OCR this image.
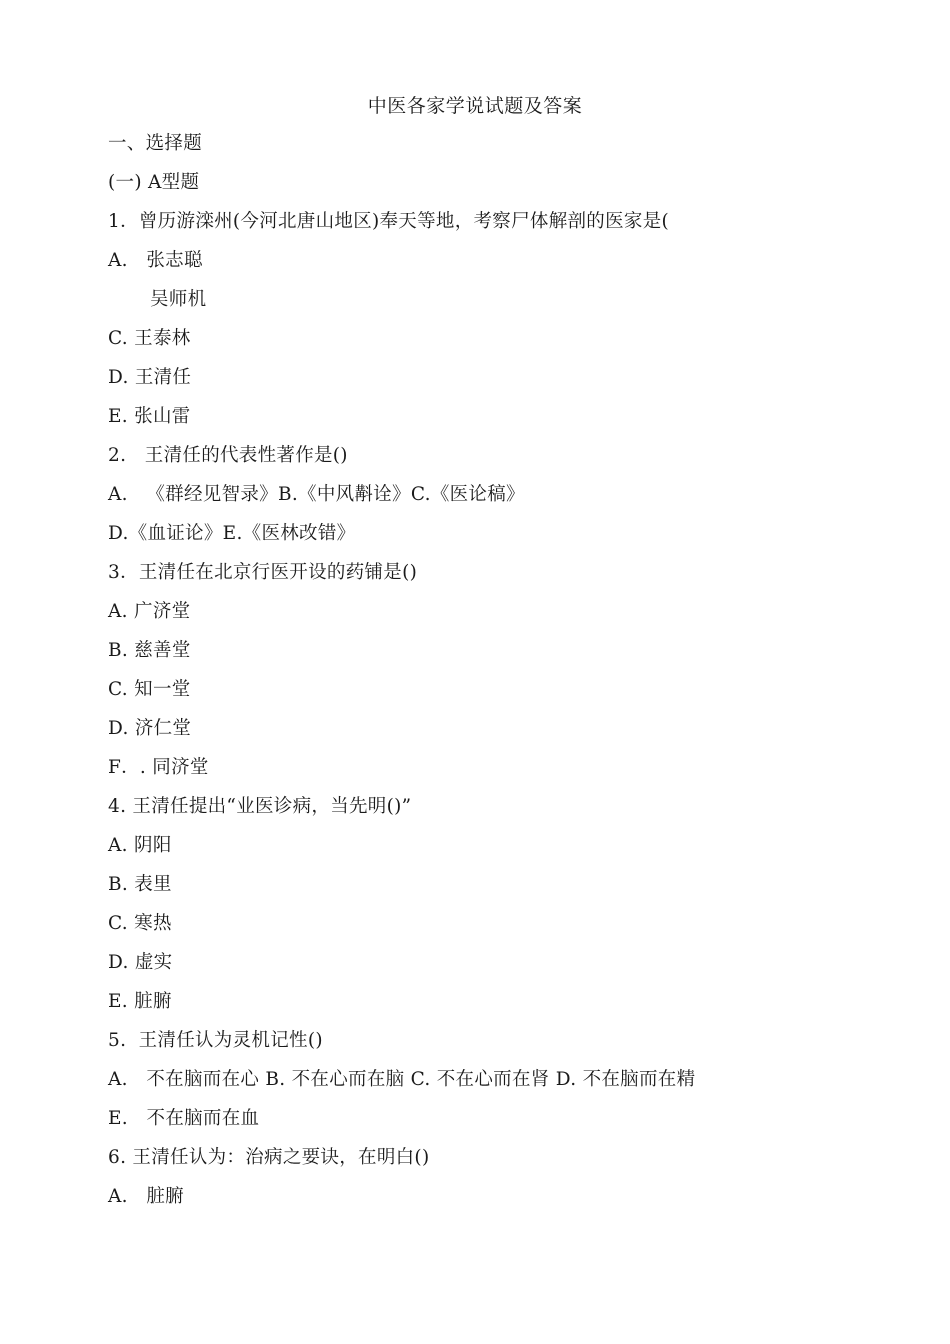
中医各家学说试题及答案
一、选择题
(一) A型题
1．曾历游滦州(今河北唐山地区)奉天等地，考察尸体解剖的医家是(
A.   张志聪
吴师机
C. 王泰林
D. 王清任
E. 张山雷
2.   王清任的代表性著作是()
A.   《群经见智录》B.《中风斠诠》C.《医论稿》
D.《血证论》E.《医林改错》
3．王清任在北京行医开设的药铺是()
A. 广济堂
B. 慈善堂
C. 知一堂
D. 济仁堂
F．. 同济堂
4. 王清任提出“业医诊病，当先明()”
A. 阴阳
B. 表里
C. 寒热
D. 虚实
E. 脏腑
5.  王清任认为灵机记性()
A.   不在脑而在心 B. 不在心而在脑 C. 不在心而在肾 D. 不在脑而在精
E.   不在脑而在血
6. 王清任认为：治病之要诀，在明白()
A.   脏腑
